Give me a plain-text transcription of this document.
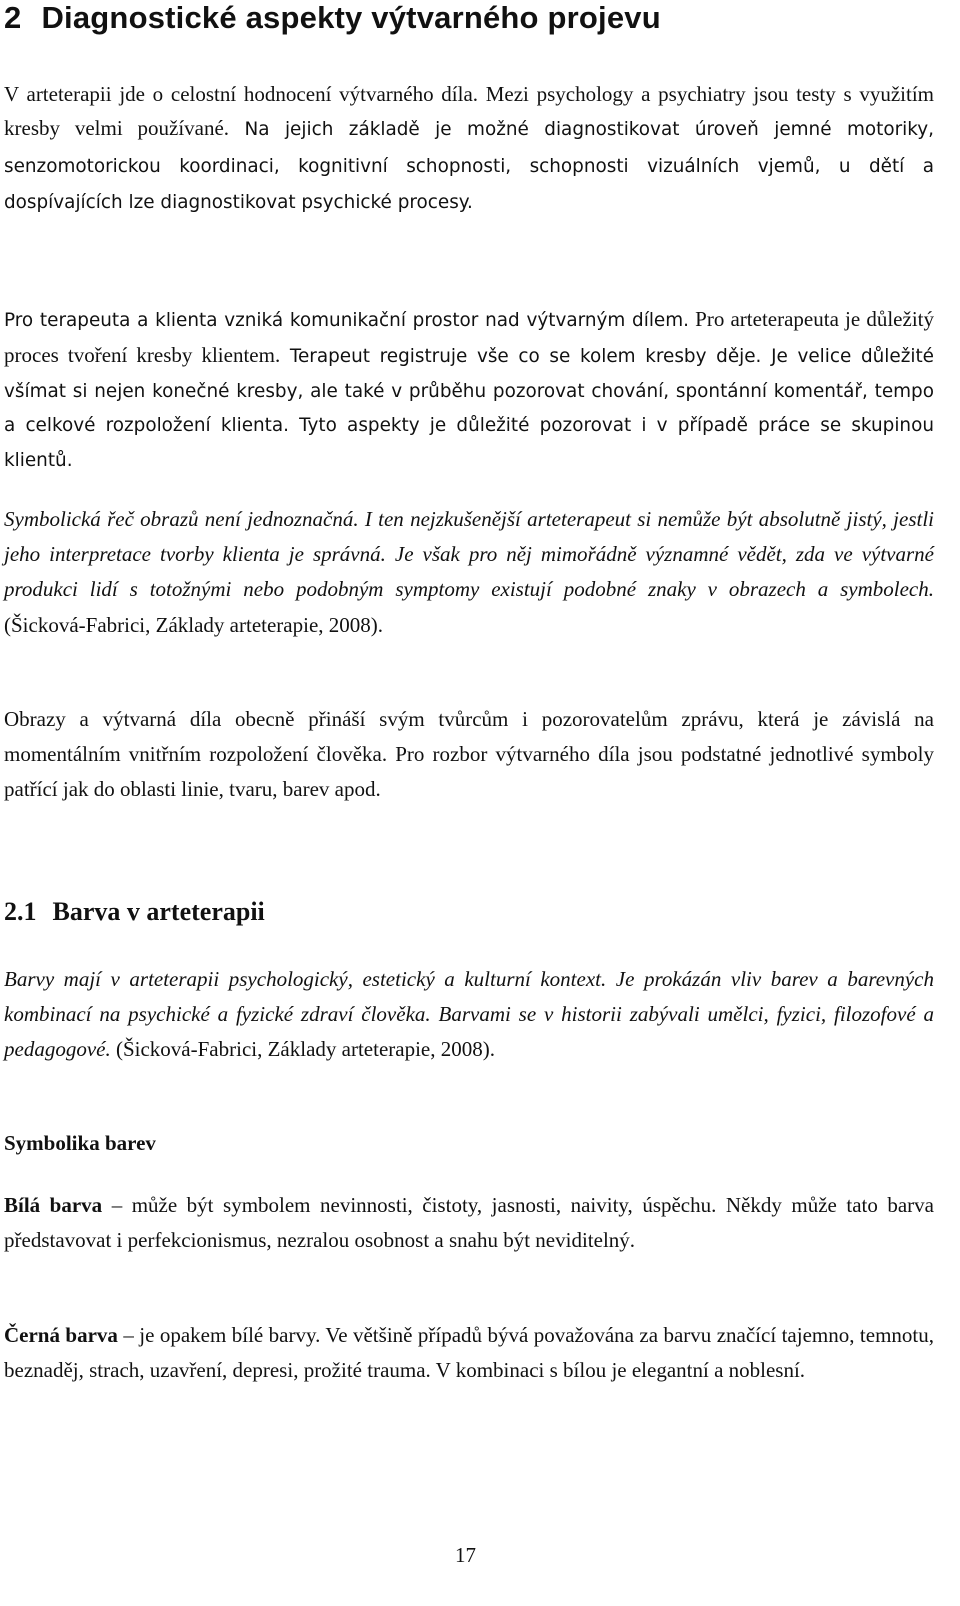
2 Diagnostické aspekty výtvarného projevu

V arteterapii jde o celostní hodnocení výtvarného díla. Mezi psychology a psychiatry jsou testy s využitím kresby velmi používané. Na jejich základě je možné diagnostikovat úroveň jemné motoriky, senzomotorickou koordinaci, kognitivní schopnosti, schopnosti vizuálních vjemů, u dětí a dospívajících lze diagnostikovat psychické procesy.

Pro terapeuta a klienta vzniká komunikační prostor nad výtvarným dílem. Pro arteterapeuta je důležitý proces tvoření kresby klientem. Terapeut registruje vše co se kolem kresby děje. Je velice důležité všímat si nejen konečné kresby, ale také v průběhu pozorovat chování, spontánní komentář, tempo a celkové rozpoložení klienta. Tyto aspekty je důležité pozorovat i v případě práce se skupinou klientů.

Symbolická řeč obrazů není jednoznačná. I ten nejzkušenější arteterapeut si nemůže být absolutně jistý, jestli jeho interpretace tvorby klienta je správná. Je však pro něj mimořádně významné vědět, zda ve výtvarné produkci lidí s totožnými nebo podobným symptomy existují podobné znaky v obrazech a symbolech. (Šicková-Fabrici, Základy arteterapie, 2008).

Obrazy a výtvarná díla obecně přináší svým tvůrcům i pozorovatelům zprávu, která je závislá na momentálním vnitřním rozpoložení člověka. Pro rozbor výtvarného díla jsou podstatné jednotlivé symboly patřící jak do oblasti linie, tvaru, barev apod.

2.1 Barva v arteterapii

Barvy mají v arteterapii psychologický, estetický a kulturní kontext. Je prokázán vliv barev a barevných kombinací na psychické a fyzické zdraví člověka. Barvami se v historii zabývali umělci, fyzici, filozofové a pedagogové. (Šicková-Fabrici, Základy arteterapie, 2008).

Symbolika barev

Bílá barva – může být symbolem nevinnosti, čistoty, jasnosti, naivity, úspěchu. Někdy může tato barva představovat i perfekcionismus, nezralou osobnost a snahu být neviditelný.

Černá barva – je opakem bílé barvy. Ve většině případů bývá považována za barvu značící tajemno, temnotu, beznaděj, strach, uzavření, depresi, prožité trauma. V kombinaci s bílou je elegantní a noblesní.

17
